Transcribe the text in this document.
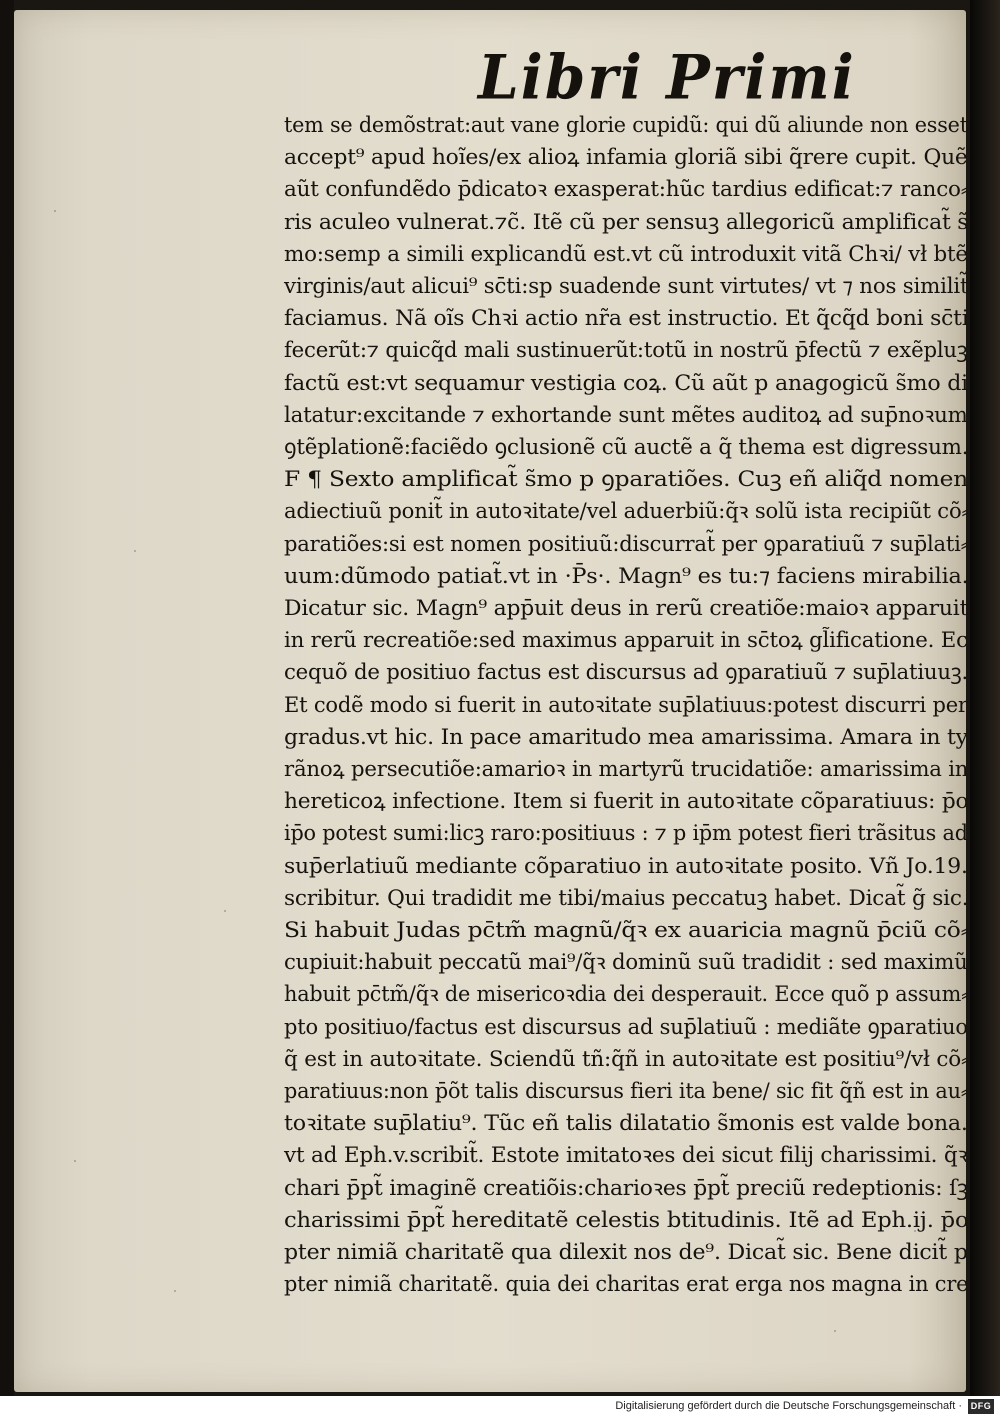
Libri Primi
tem se demõstrat:aut vane glorie cupidũ: qui dũ aliunde non esset
accept⁹ apud hoĩes/ex alioꝝ infamia gloriã sibi q̃rere cupit. Quẽ
aũt confundẽdo p̄dicatoꝛ exasperat:hũc tardius edificat:⁊ ranco⸗
ris aculeo vulnerat.⁊c̃. Itẽ cũ per sensuꝫ allegoricũ amplificat̃ s̃
mo:semp a simili explicandũ est.vt cũ introduxit vitã Chꝛi/ vł btẽ
virginis/aut alicui⁹ sc̄ti:sp suadende sunt virtutes/ vt ⁊ nos similit̃
faciamus. Nã oĩs Chꝛi actio nr̃a est instructio. Et q̃cq̃d boni sc̄ti
fecerũt:⁊ quicq̃d mali sustinuerũt:totũ in nostrũ p̄fectũ ⁊ exẽpluꝫ
factũ est:vt sequamur vestigia coꝝ. Cũ aũt p anagogicũ s̃mo di
latatur:excitande ⁊ exhortande sunt mẽtes auditoꝝ ad sup̄noꝛum
ꝯtẽplationẽ:faciẽdo ꝯclusionẽ cũ auctẽ a q̃ thema est digressum.
F ¶ Sexto amplificat̃ s̃mo p ꝯparatiões. Cuꝫ eñ aliq̃d nomen
adiectiuũ ponit̃ in autoꝛitate/vel aduerbiũ:q̃ꝛ solũ ista recipiũt cõ⸗
paratiões:si est nomen positiuũ:discurrat̃ per ꝯparatiuũ ⁊ sup̄lati⸗
uum:dũmodo patiat̃.vt in ·P̄s·. Magn⁹ es tu:⁊ faciens mirabilia.
Dicatur sic. Magn⁹ app̄uit deus in rerũ creatiõe:maioꝛ apparuit
in rerũ recreatiõe:sed maximus apparuit in sc̄toꝝ gl̃ificatione. Ec
cequõ de positiuo factus est discursus ad ꝯparatiuũ ⁊ sup̄latiuuꝫ.
Et codẽ modo si fuerit in autoꝛitate sup̄latiuus:potest discurri per
gradus.vt hic. In pace amaritudo mea amarissima. Amara in ty
rãnoꝝ persecutiõe:amarioꝛ in martyrũ trucidatiõe: amarissima in
hereticoꝝ infectione. Item si fuerit in autoꝛitate cõparatiuus: p̄o
ip̄o potest sumi:licꝫ raro:positiuus : ⁊ p ip̄m potest fieri trãsitus ad
sup̄erlatiuũ mediante cõparatiuo in autoꝛitate posito. Vñ Jo.19.
scribitur. Qui tradidit me tibi/maius peccatuꝫ habet. Dicat̃ g̃ sic.
Si habuit Judas pc̄tm̃ magnũ/q̃ꝛ ex auaricia magnũ p̄ciũ cõ⸗
cupiuit:habuit peccatũ mai⁹/q̃ꝛ dominũ suũ tradidit : sed maximũ
habuit pc̄tm̃/q̃ꝛ de misericoꝛdia dei desperauit. Ecce quõ p assum⸗
pto positiuo/factus est discursus ad sup̄latiuũ : mediãte ꝯparatiuo
q̃ est in autoꝛitate. Sciendũ tñ:q̃ñ in autoꝛitate est positiu⁹/vł cõ⸗
paratiuus:non p̄õt talis discursus fieri ita bene/ sic fit q̃ñ est in au⸗
toꝛitate sup̄latiu⁹. Tũc eñ talis dilatatio s̃monis est valde bona.
vt ad Eph.v.scribit̃. Estote imitatoꝛes dei sicut filij charissimi. q̃ꝛ
chari p̄pt̃ imaginẽ creatiõis:charioꝛes p̄pt̃ preciũ redeptionis: ſꝫ
charissimi p̄pt̃ hereditatẽ celestis btitudinis. Itẽ ad Eph.ij. p̄o
pter nimiã charitatẽ qua dilexit nos de⁹. Dicat̃ sic. Bene dicit̃ p
pter nimiã charitatẽ. quia dei charitas erat erga nos magna in cre
Digitalisierung gefördert durch die Deutsche Forschungsgemeinschaft · DFG
